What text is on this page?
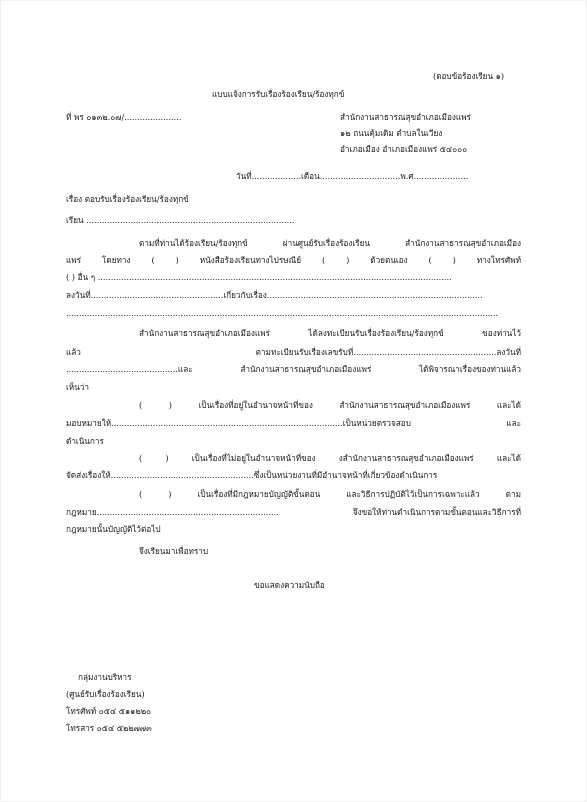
(ตอบข้อร้องเรียน ๑)
แบบแจ้งการรับเรื่องร้องเรียน/ร้องทุกข์
ที่ พร ๐๑๓๒.๐๗/......................	สำนักงานสาธารณสุขอำเภอเมืองแพร่
๑๒ ถนนคุ้มเดิม ตำบลในเวียง
อำเภอเมือง อำเภอเมืองแพร่ ๕๔๐๐๐
วันที่...................เดือน...............................พ.ศ.....................
เรื่อง ตอบรับเรื่องร้องเรียน/ร้องทุกข์
เรียน ................................................................................
ตามที่ท่านได้ร้องเรียน/ร้องทุกข์ ผ่านศูนย์รับเรื่องร้องเรียน สำนักงานสาธารณสุขอำเภอเมือง
แพร่ โดยทาง ( ) หนังสือร้องเรียนทางไปรษณีย์ ( ) ด้วยตนเอง ( ) ทางโทรศัพท์
( ) อื่น ๆ ........................................................................................................................................
ลงวันที่...................................................เกี่ยวกับเรื่อง...................................................................................
......................................................................................................................................................................
สำนักงานสาธารณสุขอำเภอเมืองแพร่ ได้ลงทะเบียนรับเรื่องร้องเรียน/ร้องทุกข์ ของท่านไว้
แล้ว ตามทะเบียนรับเรื่องเลขรับที่.......................................................ลงวันที่
...........................................และ สำนักงานสาธารณสุขอำเภอเมืองแพร่ ได้พิจารณาเรื่องของท่านแล้ว
เห็นว่า
( ) เป็นเรื่องที่อยู่ในอำนาจหน้าที่ของ สำนักงานสาธารณสุขอำเภอเมืองแพร่ และได้
มอบหมายให้.........................................................................................เป็นหน่วยตรวจสอบ และ
ดำเนินการ
( ) เป็นเรื่องที่ไม่อยู่ในอำนาจหน้าที่ของ งสำนักงานสาธารณสุขอำเภอเมืองแพร่ และได้
จัดส่งเรื่องให้.......................................................ซึ่งเป็นหน่วยงานที่มีอำนาจหน้าที่เกี่ยวข้องดำเนินการ
( ) เป็นเรื่องที่มีกฎหมายบัญญัติขั้นตอน และวิธีการปฏิบัติไว้เป็นการเฉพาะแล้ว ตาม
กฎหมาย...................................................................... จึงขอให้ท่านดำเนินการตามขั้นตอนและวิธีการที่
กฎหมายนั้นบัญญัติไว้ต่อไป
จึงเรียนมาเพื่อทราบ
ขอแสดงความนับถือ
กลุ่มงานบริหาร
(ศูนย์รับเรื่องร้องเรียน)
โทรศัพท์ ๐๕๔ ๕๑๑๒๒๐
โทรสาร ๐๕๔ ๕๒๒๗๗๓
